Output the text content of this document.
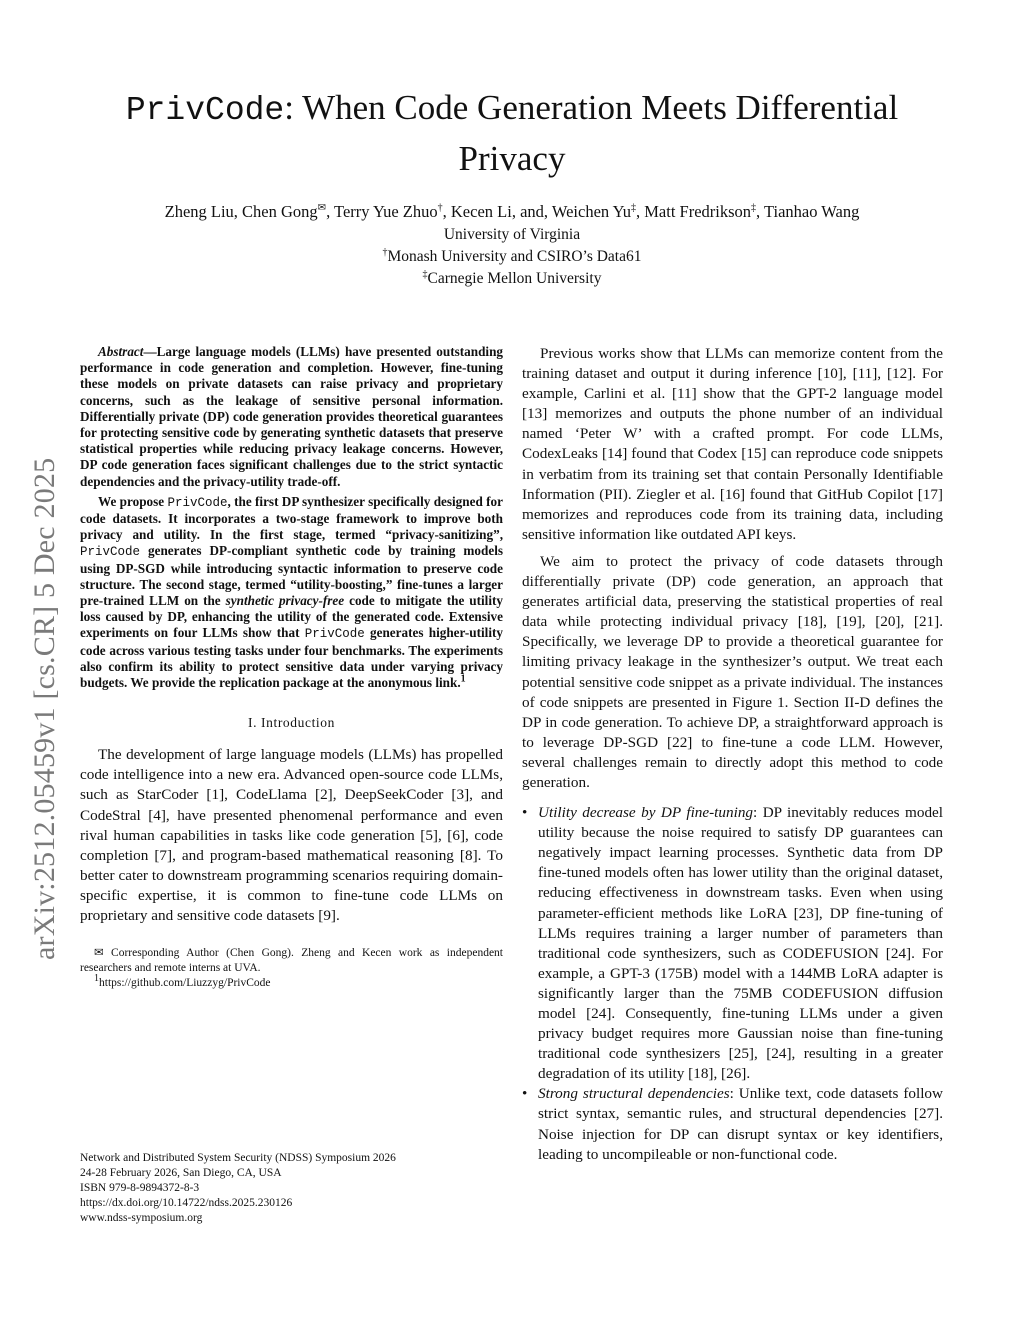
PrivCode: When Code Generation Meets Differential Privacy
Zheng Liu, Chen Gong✉, Terry Yue Zhuo†, Kecen Li, and, Weichen Yu‡, Matt Fredrikson‡, Tianhao Wang
University of Virginia
†Monash University and CSIRO’s Data61
‡Carnegie Mellon University
arXiv:2512.05459v1 [cs.CR] 5 Dec 2025

Abstract—Large language models (LLMs) have presented outstanding performance in code generation and completion. However, fine-tuning these models on private datasets can raise privacy and proprietary concerns, such as the leakage of sensitive personal information. Differentially private (DP) code generation provides theoretical guarantees for protecting sensitive code by generating synthetic datasets that preserve statistical properties while reducing privacy leakage concerns. However, DP code generation faces significant challenges due to the strict syntactic dependencies and the privacy-utility trade-off.

We propose PrivCode, the first DP synthesizer specifically designed for code datasets. It incorporates a two-stage framework to improve both privacy and utility. In the first stage, termed “privacy-sanitizing”, PrivCode generates DP-compliant synthetic code by training models using DP-SGD while introducing syntactic information to preserve code structure. The second stage, termed “utility-boosting,” fine-tunes a larger pre-trained LLM on the synthetic privacy-free code to mitigate the utility loss caused by DP, enhancing the utility of the generated code. Extensive experiments on four LLMs show that PrivCode generates higher-utility code across various testing tasks under four benchmarks. The experiments also confirm its ability to protect sensitive data under varying privacy budgets. We provide the replication package at the anonymous link.$^1$

I. Introduction

The development of large language models (LLMs) has propelled code intelligence into a new era. Advanced open-source code LLMs, such as StarCoder [1], CodeLlama [2], DeepSeekCoder [3], and CodeStral [4], have presented phenomenal performance and even rival human capabilities in tasks like code generation [5], [6], code completion [7], and program-based mathematical reasoning [8]. To better cater to downstream programming scenarios requiring domain-specific expertise, it is common to fine-tune code LLMs on proprietary and sensitive code datasets [9].

✉ Corresponding Author (Chen Gong). Zheng and Kecen work as independent researchers and remote interns at UVA.

$^1$https://github.com/Liuzzyg/PrivCode

Network and Distributed System Security (NDSS) Symposium 2026
24-28 February 2026, San Diego, CA, USA
ISBN 979-8-9894372-8-3
https://dx.doi.org/10.14722/ndss.2025.230126
www.ndss-symposium.org

Previous works show that LLMs can memorize content from the training dataset and output it during inference [10], [11], [12]. For example, Carlini et al. [11] show that the GPT-2 language model [13] memorizes and outputs the phone number of an individual named ‘Peter W’ with a crafted prompt. For code LLMs, CodexLeaks [14] found that Codex [15] can reproduce code snippets in verbatim from its training set that contain Personally Identifiable Information (PII). Ziegler et al. [16] found that GitHub Copilot [17] memorizes and reproduces code from its training data, including sensitive information like outdated API keys.

We aim to protect the privacy of code datasets through differentially private (DP) code generation, an approach that generates artificial data, preserving the statistical properties of real data while protecting individual privacy [18], [19], [20], [21]. Specifically, we leverage DP to provide a theoretical guarantee for limiting privacy leakage in the synthesizer’s output. We treat each potential sensitive code snippet as a private individual. The instances of code snippets are presented in Figure 1. Section II-D defines the DP in code generation. To achieve DP, a straightforward approach is to leverage DP-SGD [22] to fine-tune a code LLM. However, several challenges remain to directly adopt this method to code generation.

• Utility decrease by DP fine-tuning: DP inevitably reduces model utility because the noise required to satisfy DP guarantees can negatively impact learning processes. Synthetic data from DP fine-tuned models often has lower utility than the original dataset, reducing effectiveness in downstream tasks. Even when using parameter-efficient methods like LoRA [23], DP fine-tuning of LLMs requires training a larger number of parameters than traditional code synthesizers, such as CODEFUSION [24]. For example, a GPT-3 (175B) model with a 144MB LoRA adapter is significantly larger than the 75MB CODEFUSION diffusion model [24]. Consequently, fine-tuning LLMs under a given privacy budget requires more Gaussian noise than fine-tuning traditional code synthesizers [25], [24], resulting in a greater degradation of its utility [18], [26].
• Strong structural dependencies: Unlike text, code datasets follow strict syntax, semantic rules, and structural dependencies [27]. Noise injection for DP can disrupt syntax or key identifiers, leading to uncompileable or non-functional code.
